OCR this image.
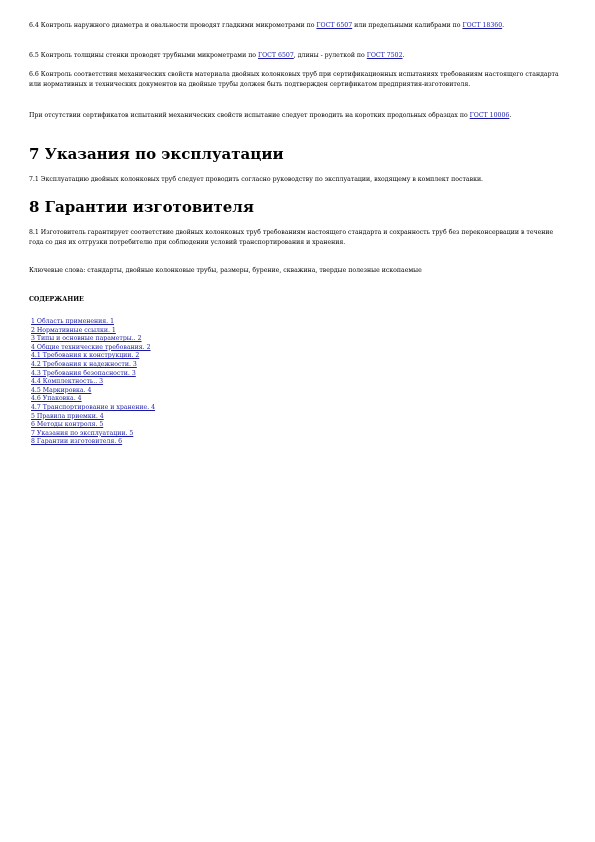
6.4 Контроль наружного диаметра и овальности проводят гладкими микрометрами по ГОСТ 6507 или предельными калибрами по ГОСТ 18360.

6.5 Контроль толщины стенки проводят трубными микрометрами по ГОСТ 6507, длины - рулеткой по ГОСТ 7502.

6.6 Контроль соответствия механических свойств материала двойных колонковых труб при сертификационных испытаниях требованиям настоящего стандарта или нормативных и технических документов на двойные трубы должен быть подтвержден сертификатом предприятия-изготовителя.

При отсутствии сертификатов испытаний механических свойств испытание следует проводить на коротких продольных образцах по ГОСТ 10006.

7 Указания по эксплуатации

7.1 Эксплуатацию двойных колонковых труб следует проводить согласно руководству по эксплуатации, входящему в комплект поставки.

8 Гарантии изготовителя

8.1 Изготовитель гарантирует соответствие двойных колонковых труб требованиям настоящего стандарта и сохранность труб без переконсервации в течение года со дня их отгрузки потребителю при соблюдении условий транспортирования и хранения.

Ключевые слова: стандарты, двойные колонковые трубы, размеры, бурение, скважина, твердые полезные ископаемые

СОДЕРЖАНИЕ

1 Область применения. 1
2 Нормативные ссылки. 1
3 Типы и основные параметры.. 2
4 Общие технические требования. 2
4.1 Требования к конструкции. 2
4.2 Требования к надежности. 3
4.3 Требования безопасности. 3
4.4 Комплектность.. 3
4.5 Маркировка. 4
4.6 Упаковка. 4
4.7 Транспортирование и хранение. 4
5 Правила приемки. 4
6 Методы контроля. 5
7 Указания по эксплуатации. 5
8 Гарантии изготовителя. 6
